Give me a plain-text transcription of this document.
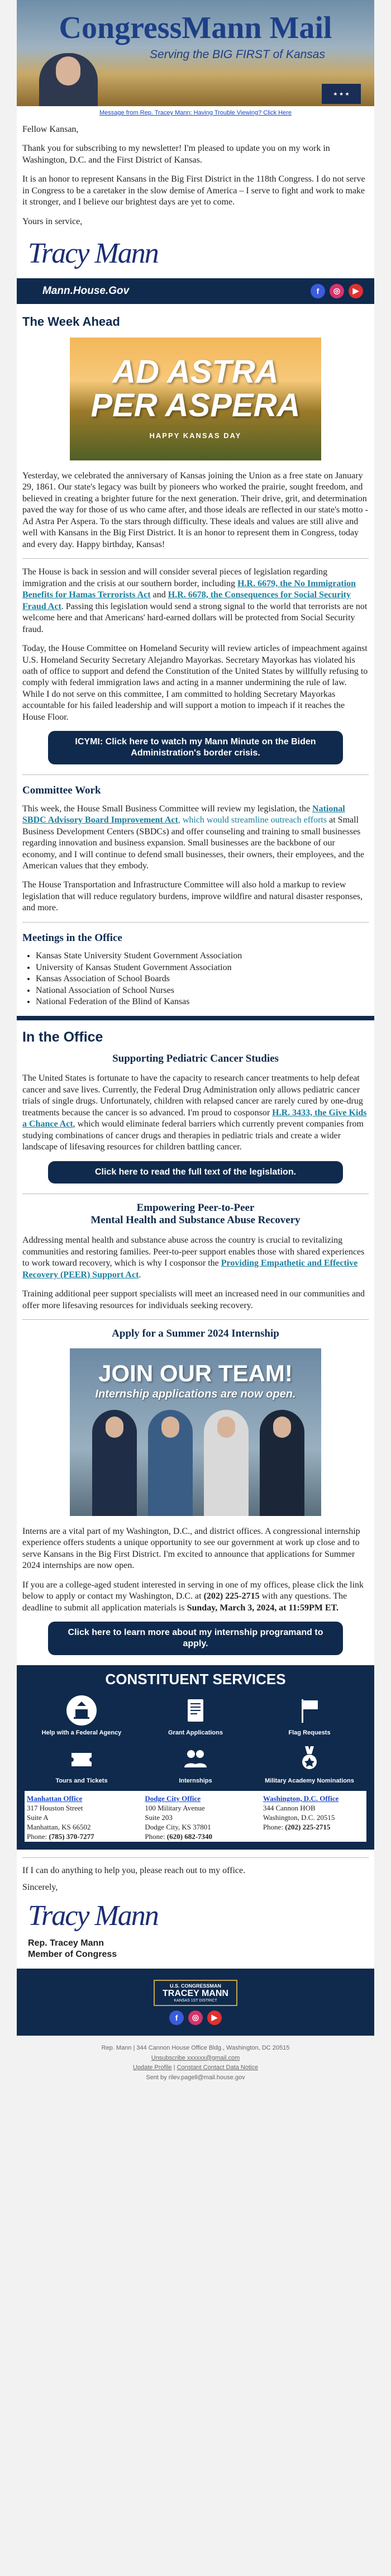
CongressMann Mail
Serving the BIG FIRST of Kansas
★ ★ ★
Message from Rep. Tracey Mann: Having Trouble Viewing? Click Here

Fellow Kansan,

Thank you for subscribing to my newsletter! I'm pleased to update you on my work in Washington, D.C. and the First District of Kansas.

It is an honor to represent Kansans in the Big First District in the 118th Congress. I do not serve in Congress to be a caretaker in the slow demise of America – I serve to fight and work to make it stronger, and I believe our brightest days are yet to come.

Yours in service,

Tracy Mann
Mann.House.Gov	f	◎	▶
The Week Ahead
AD ASTRA
PER ASPERA
HAPPY KANSAS DAY

Yesterday, we celebrated the anniversary of Kansas joining the Union as a free state on January 29, 1861. Our state's legacy was built by pioneers who worked the prairie, sought freedom, and believed in creating a brighter future for the next generation. Their drive, grit, and determination paved the way for those of us who came after, and those ideals are reflected in our state's motto - Ad Astra Per Aspera. To the stars through difficulty. These ideals and values are still alive and well with Kansans in the Big First District. It is an honor to represent them in Congress, today and every day. Happy birthday, Kansas!

The House is back in session and will consider several pieces of legislation regarding immigration and the crisis at our southern border, including H.R. 6679, the No Immigration Benefits for Hamas Terrorists Act and H.R. 6678, the Consequences for Social Security Fraud Act. Passing this legislation would send a strong signal to the world that terrorists are not welcome here and that Americans' hard-earned dollars will be protected from Social Security fraud.

Today, the House Committee on Homeland Security will review articles of impeachment against U.S. Homeland Security Secretary Alejandro Mayorkas. Secretary Mayorkas has violated his oath of office to support and defend the Constitution of the United States by willfully refusing to comply with federal immigration laws and acting in a manner undermining the rule of law. While I do not serve on this committee, I am committed to holding Secretary Mayorkas accountable for his failed leadership and will support a motion to impeach if it reaches the House Floor.

ICYMI: Click here to watch my Mann Minute on the Biden Administration's border crisis.
Committee Work

This week, the House Small Business Committee will review my legislation, the National SBDC Advisory Board Improvement Act, which would streamline outreach efforts at Small Business Development Centers (SBDCs) and offer counseling and training to small businesses regarding innovation and business expansion. Small businesses are the backbone of our economy, and I will continue to defend small businesses, their owners, their employees, and the American values that they embody.

The House Transportation and Infrastructure Committee will also hold a markup to review legislation that will reduce regulatory burdens, improve wildfire and natural disaster responses, and more.

Meetings in the Office
• Kansas State University Student Government Association
• University of Kansas Student Government Association
• Kansas Association of School Boards
• National Association of School Nurses
• National Federation of the Blind of Kansas
In the Office
Supporting Pediatric Cancer Studies

The United States is fortunate to have the capacity to research cancer treatments to help defeat cancer and save lives. Currently, the Federal Drug Administration only allows pediatric cancer trials of single drugs. Unfortunately, children with relapsed cancer are rarely cured by one-drug treatments because the cancer is so advanced. I'm proud to cosponsor H.R. 3433, the Give Kids a Chance Act, which would eliminate federal barriers which currently prevent companies from studying combinations of cancer drugs and therapies in pediatric trials and create a wider landscape of lifesaving resources for children battling cancer.

Click here to read the full text of the legislation.
Empowering Peer-to-Peer
Mental Health and Substance Abuse Recovery

Addressing mental health and substance abuse across the country is crucial to revitalizing communities and restoring families. Peer-to-peer support enables those with shared experiences to work toward recovery, which is why I cosponsor the Providing Empathetic and Effective Recovery (PEER) Support Act.

Training additional peer support specialists will meet an increased need in our communities and offer more lifesaving resources for individuals seeking recovery.

Apply for a Summer 2024 Internship
JOIN OUR TEAM!
Internship applications are now open.

Interns are a vital part of my Washington, D.C., and district offices. A congressional internship experience offers students a unique opportunity to see our government at work up close and to serve Kansans in the Big First District. I'm excited to announce that applications for Summer 2024 internships are now open.

If you are a college-aged student interested in serving in one of my offices, please click the link below to apply or contact my Washington, D.C. at (202) 225-2715 with any questions. The deadline to submit all application materials is Sunday, March 3, 2024, at 11:59PM ET.

Click here to learn more about my internship programand to apply.
CONSTITUENT SERVICES
Help with a Federal Agency	Grant Applications	Flag Requests
Tours and Tickets	Internships	Military Academy Nominations
Manhattan Office
317 Houston Street
Suite A
Manhattan, KS 66502
Phone: (785) 370-7277
Dodge City Office
100 Military Avenue
Suite 203
Dodge City, KS 37801
Phone: (620) 682-7340
Washington, D.C. Office
344 Cannon HOB
Washington, D.C. 20515
Phone: (202) 225-2715

If I can do anything to help you, please reach out to my office.

Sincerely,

Tracy Mann
Rep. Tracey Mann
Member of Congress
U.S. CONGRESSMAN
TRACEY MANN
KANSAS 1ST DISTRICT
f	◎	▶
Rep. Mann | 344 Cannon House Office Bldg., Washington, DC 20515
Unsubscribe xxxxxx@gmail.com
Update Profile | Constant Contact Data Notice
Sent by rilev.pagell@mail.house.gov
